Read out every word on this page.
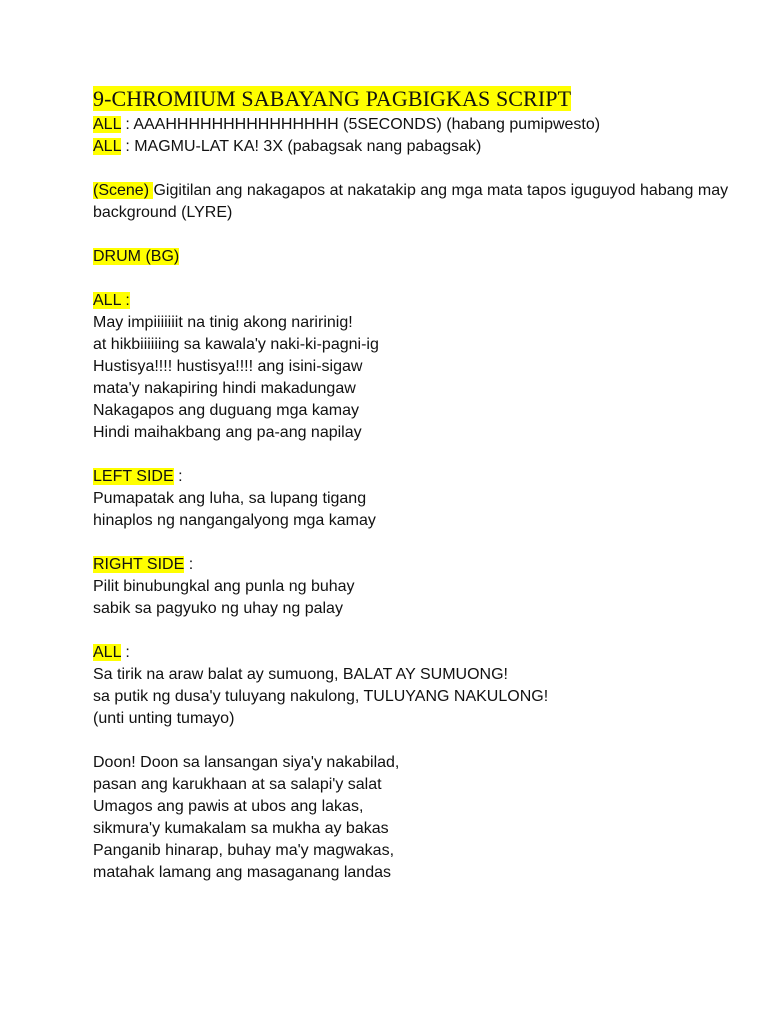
9-CHROMIUM SABAYANG PAGBIGKAS SCRIPT
ALL : AAAHHHHHHHHHHHHHHH (5SECONDS) (habang pumipwesto)
ALL : MAGMU-LAT KA! 3X (pabagsak nang pabagsak)
(Scene) Gigitilan ang nakagapos at nakatakip ang mga mata tapos iguguyod habang may background (LYRE)
DRUM (BG)
ALL :
May impiiiiiiit na tinig akong naririnig!
at hikbiiiiiing sa kawala'y naki-ki-pagni-ig
Hustisya!!!! hustisya!!!! ang isini-sigaw
mata'y nakapiring hindi makadungaw
Nakagapos ang duguang mga kamay
Hindi maihakbang ang pa-ang napilay
LEFT SIDE :
Pumapatak ang luha, sa lupang tigang
hinaplos ng nangangalyong mga kamay
RIGHT SIDE :
Pilit binubungkal ang punla ng buhay
sabik sa pagyuko ng uhay ng palay
ALL :
Sa tirik na araw balat ay sumuong, BALAT AY SUMUONG!
sa putik ng dusa'y tuluyang nakulong, TULUYANG NAKULONG!
(unti unting tumayo)
Doon! Doon sa lansangan siya'y nakabilad,
pasan ang karukhaan at sa salapi'y salat
Umagos ang pawis at ubos ang lakas,
sikmura'y kumakalam sa mukha ay bakas
Panganib hinarap, buhay ma'y magwakas,
matahak lamang ang masaganang landas
